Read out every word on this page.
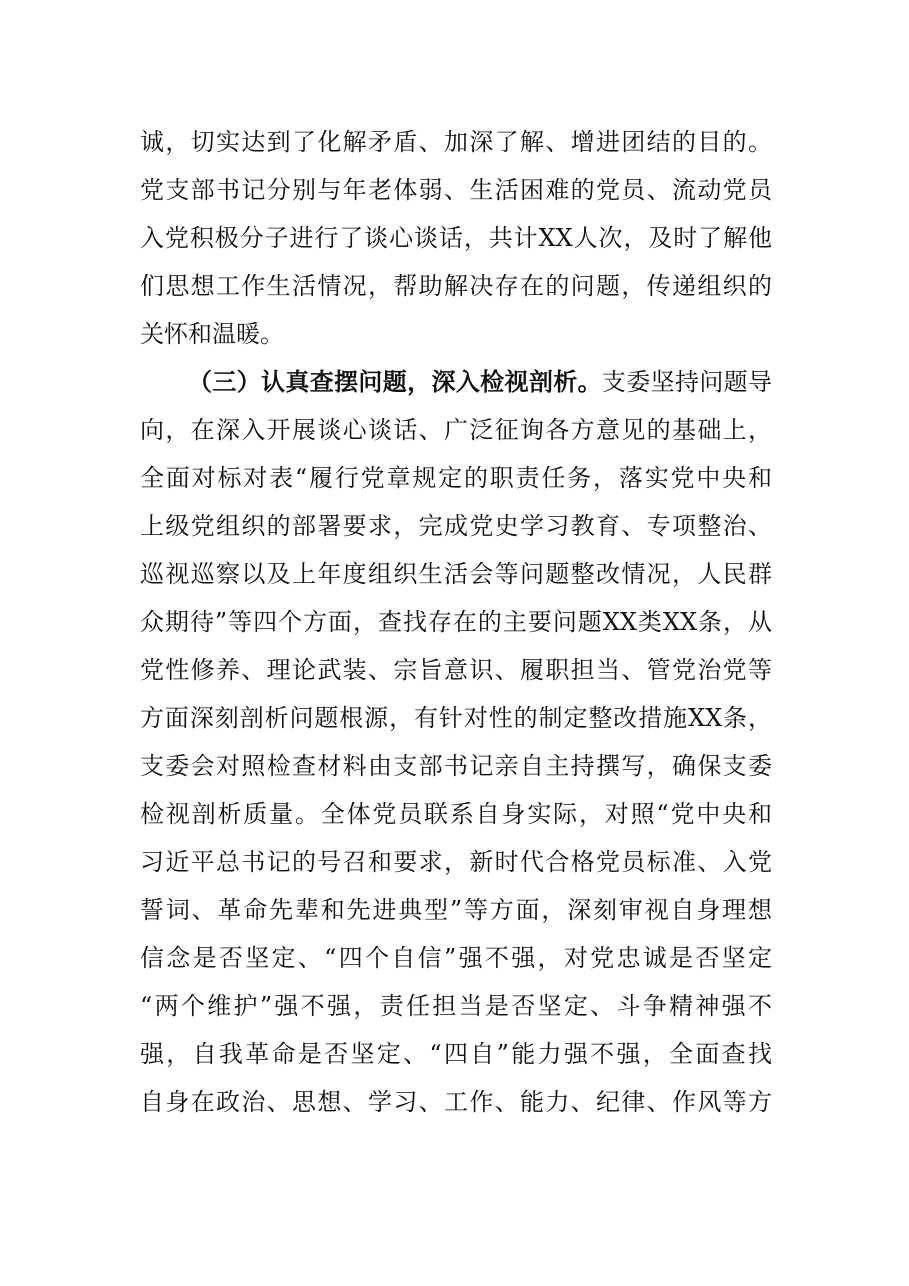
诚，切实达到了化解矛盾、加深了解、增进团结的目的。
党支部书记分别与年老体弱、生活困难的党员、流动党员
入党积极分子进行了谈心谈话，共计XX人次，及时了解他
们思想工作生活情况，帮助解决存在的问题，传递组织的
关怀和温暖。
（三）认真查摆问题，深入检视剖析。支委坚持问题导
向，在深入开展谈心谈话、广泛征询各方意见的基础上，
全面对标对表“履行党章规定的职责任务，落实党中央和
上级党组织的部署要求，完成党史学习教育、专项整治、
巡视巡察以及上年度组织生活会等问题整改情况，人民群
众期待”等四个方面，查找存在的主要问题XX类XX条，从
党性修养、理论武装、宗旨意识、履职担当、管党治党等
方面深刻剖析问题根源，有针对性的制定整改措施XX条，
支委会对照检查材料由支部书记亲自主持撰写，确保支委
检视剖析质量。全体党员联系自身实际，对照“党中央和
习近平总书记的号召和要求，新时代合格党员标准、入党
誓词、革命先辈和先进典型”等方面，深刻审视自身理想
信念是否坚定、“四个自信”强不强，对党忠诚是否坚定
“两个维护”强不强，责任担当是否坚定、斗争精神强不
强，自我革命是否坚定、“四自”能力强不强，全面查找
自身在政治、思想、学习、工作、能力、纪律、作风等方
